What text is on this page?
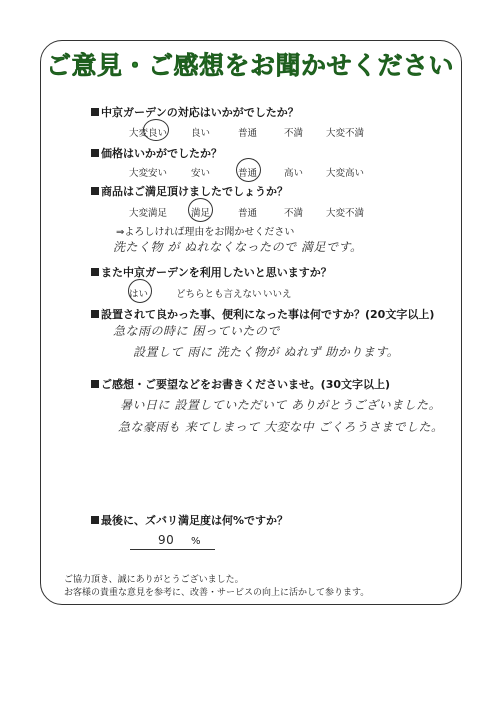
ご意見・ご感想をお聞かせください
中京ガーデンの対応はいかがでしたか？
大変良い	良い	普通	不満 大変不満
価格はいかがでしたか？
大変安い	安い	普通	高い 大変高い
商品はご満足頂けましたでしょうか？
大変満足	満足	普通	不満 大変不満
⇒よろしければ理由をお聞かせください
洗たく物 が ぬれなくなったので 満足です。
また中京ガーデンを利用したいと思いますか？
はい	どちらとも言えない いいえ
設置されて良かった事、便利になった事は何ですか？(20文字以上)
急な雨の時に 困っていたので
設置して 雨に 洗たく物が ぬれず 助かります。
ご感想・ご要望などをお書きくださいませ。(30文字以上)
暑い日に 設置していただいて ありがとうございました。
急な豪雨も 来てしまって 大変な中 ごくろうさまでした。
最後に、ズバリ満足度は何%ですか？
90 %
ご協力頂き、誠にありがとうございました。
お客様の貴重な意見を参考に、改善・サービスの向上に活かして参ります。
